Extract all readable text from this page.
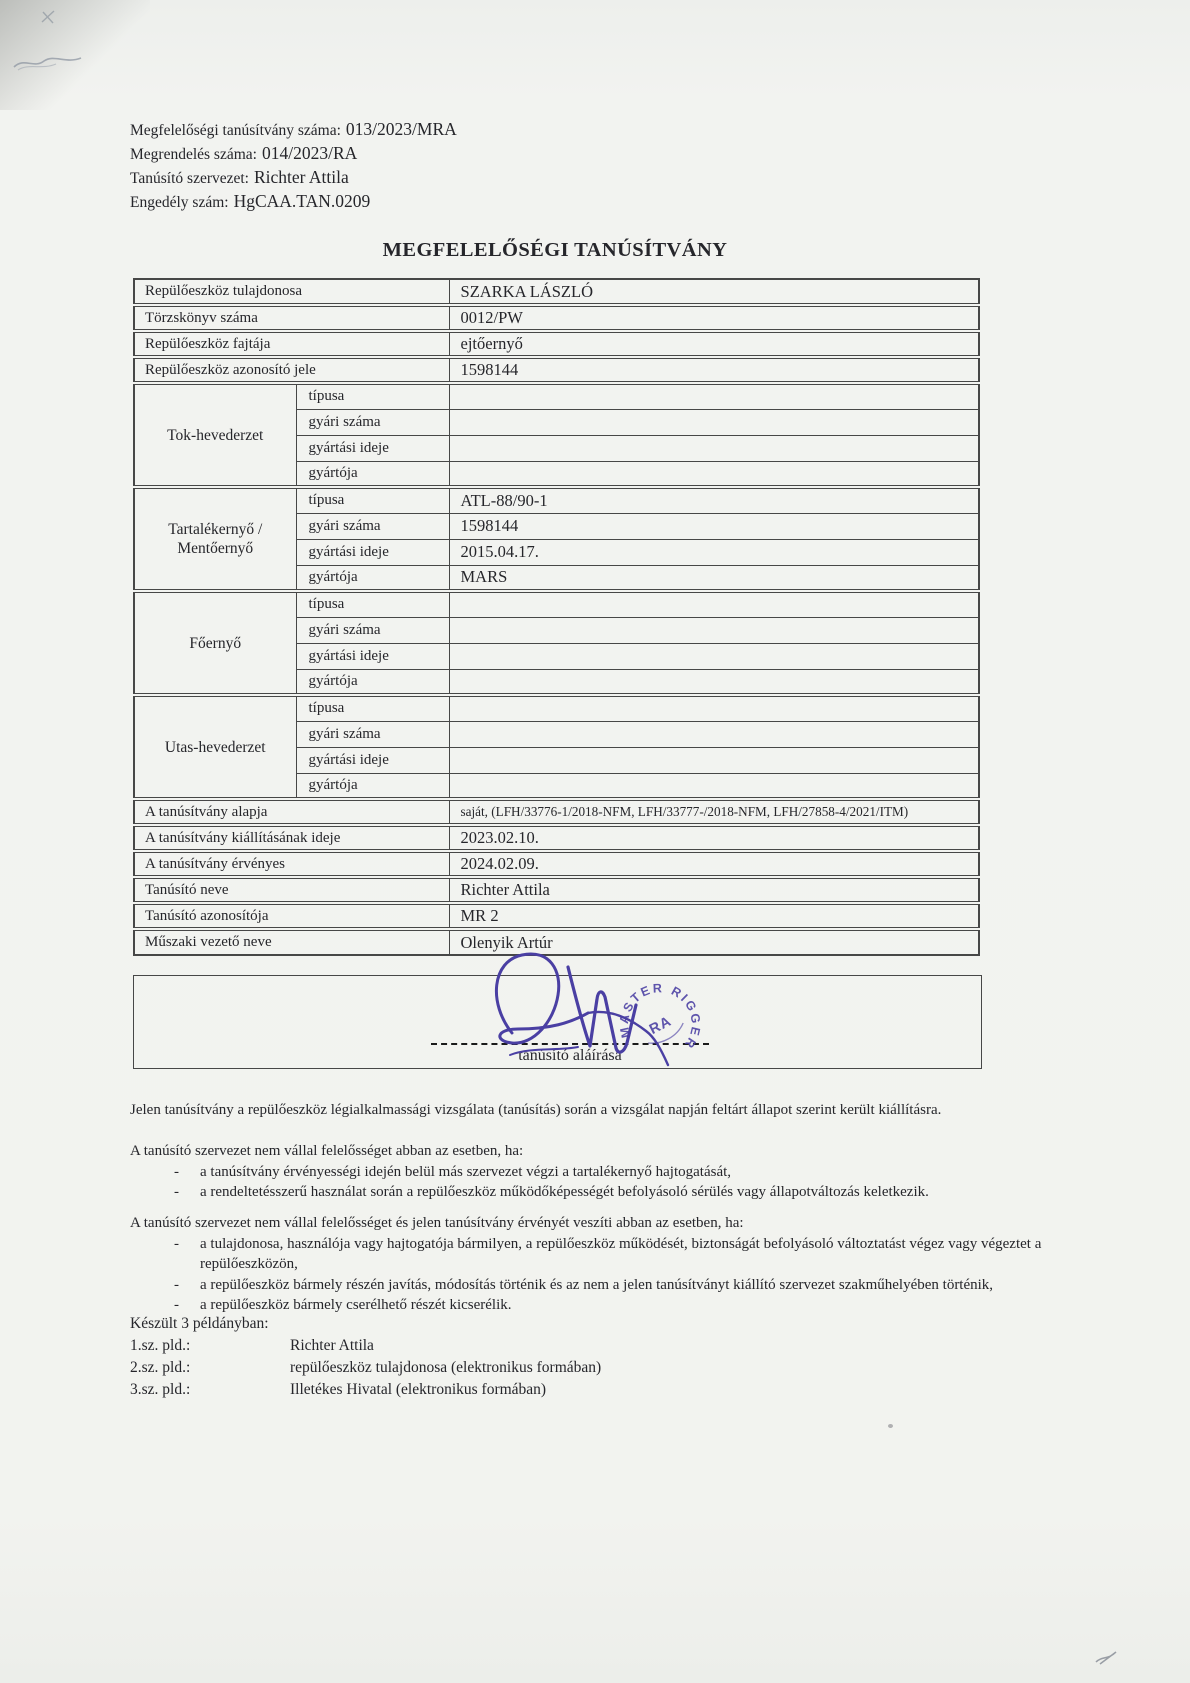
Megfelelőségi tanúsítvány száma: 013/2023/MRA
Megrendelés száma: 014/2023/RA
Tanúsító szervezet: Richter Attila
Engedély szám: HgCAA.TAN.0209
MEGFELELŐSÉGI TANÚSÍTVÁNY
Repülőeszköz tulajdonosa		SZARKA LÁSZLÓ
Törzskönyv száma		0012/PW
Repülőeszköz fajtája		ejtőernyő
Repülőeszköz azonosító jele		1598144
Tok-hevederzet	típusa	
	gyári száma	
	gyártási ideje	
	gyártója	
Tartalékernyő / Mentőernyő	típusa	ATL-88/90-1
	gyári száma	1598144
	gyártási ideje	2015.04.17.
	gyártója	MARS
Főernyő	típusa	
	gyári száma	
	gyártási ideje	
	gyártója	
Utas-hevederzet	típusa	
	gyári száma	
	gyártási ideje	
	gyártója	
A tanúsítvány alapja		saját, (LFH/33776-1/2018-NFM, LFH/33777-/2018-NFM, LFH/27858-4/2021/ITM)
A tanúsítvány kiállításának ideje		2023.02.10.
A tanúsítvány érvényes		2024.02.09.
Tanúsító neve		Richter Attila
Tanúsító azonosítója		MR 2
Műszaki vezető neve		Olenyik Artúr
tanúsító aláírása
MASTER RIGGER
RA
Jelen tanúsítvány a repülőeszköz légialkalmassági vizsgálata (tanúsítás) során a vizsgálat napján feltárt állapot szerint került kiállításra.
A tanúsító szervezet nem vállal felelősséget abban az esetben, ha:
- a tanúsítvány érvényességi idején belül más szervezet végzi a tartalékernyő hajtogatását,
- a rendeltetésszerű használat során a repülőeszköz működőképességét befolyásoló sérülés vagy állapotváltozás keletkezik.
A tanúsító szervezet nem vállal felelősséget és jelen tanúsítvány érvényét veszíti abban az esetben, ha:
- a tulajdonosa, használója vagy hajtogatója bármilyen, a repülőeszköz működését, biztonságát befolyásoló változtatást végez vagy végeztet a repülőeszközön,
- a repülőeszköz bármely részén javítás, módosítás történik és az nem a jelen tanúsítványt kiállító szervezet szakműhelyében történik,
- a repülőeszköz bármely cserélhető részét kicserélik.
Készült 3 példányban:
1.sz. pld.:	Richter Attila
2.sz. pld.:	repülőeszköz tulajdonosa (elektronikus formában)
3.sz. pld.:	Illetékes Hivatal (elektronikus formában)
